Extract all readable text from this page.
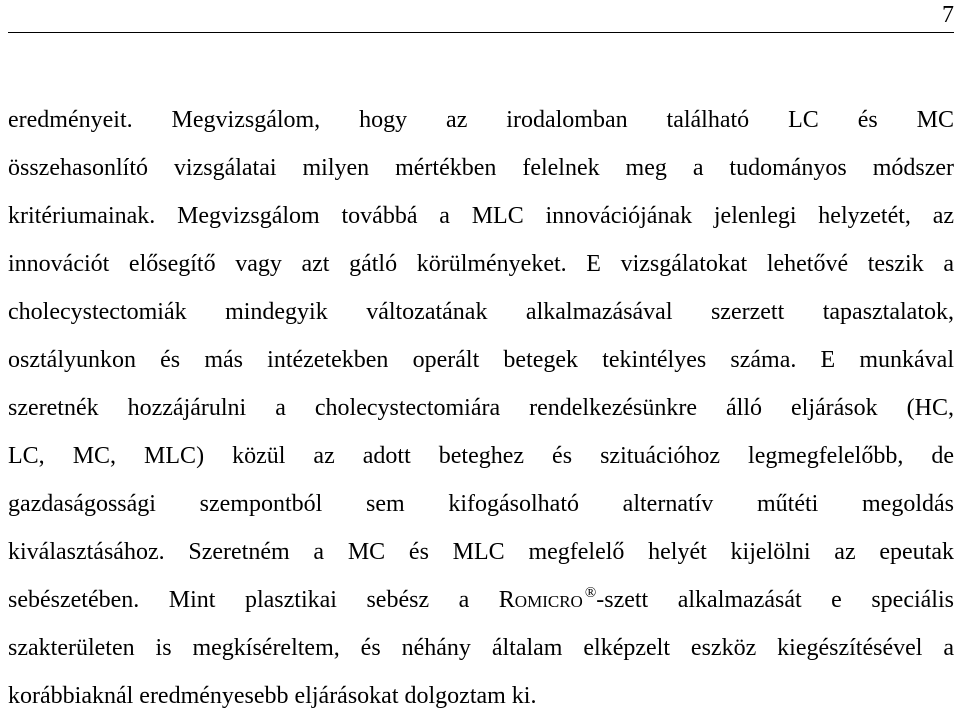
7
eredményeit. Megvizsgálom, hogy az irodalomban található LC és MC
összehasonlító vizsgálatai milyen mértékben felelnek meg a tudományos módszer
kritériumainak. Megvizsgálom továbbá a MLC innovációjának jelenlegi helyzetét, az
innovációt elősegítő vagy azt gátló körülményeket. E vizsgálatokat lehetővé teszik a
cholecystectomiák mindegyik változatának alkalmazásával szerzett tapasztalatok,
osztályunkon és más intézetekben operált betegek tekintélyes száma. E munkával
szeretnék hozzájárulni a cholecystectomiára rendelkezésünkre álló eljárások (HC,
LC, MC, MLC) közül az adott beteghez és szituációhoz legmegfelelőbb, de
gazdaságossági szempontból sem kifogásolható alternatív műtéti megoldás
kiválasztásához. Szeretném a MC és MLC megfelelő helyét kijelölni az epeutak
sebészetében. Mint plasztikai sebész a Romicro ®-szett alkalmazását e speciális
szakterületen is megkíséreltem, és néhány általam elképzelt eszköz kiegészítésével a
korábbiaknál eredményesebb eljárásokat dolgoztam ki.
